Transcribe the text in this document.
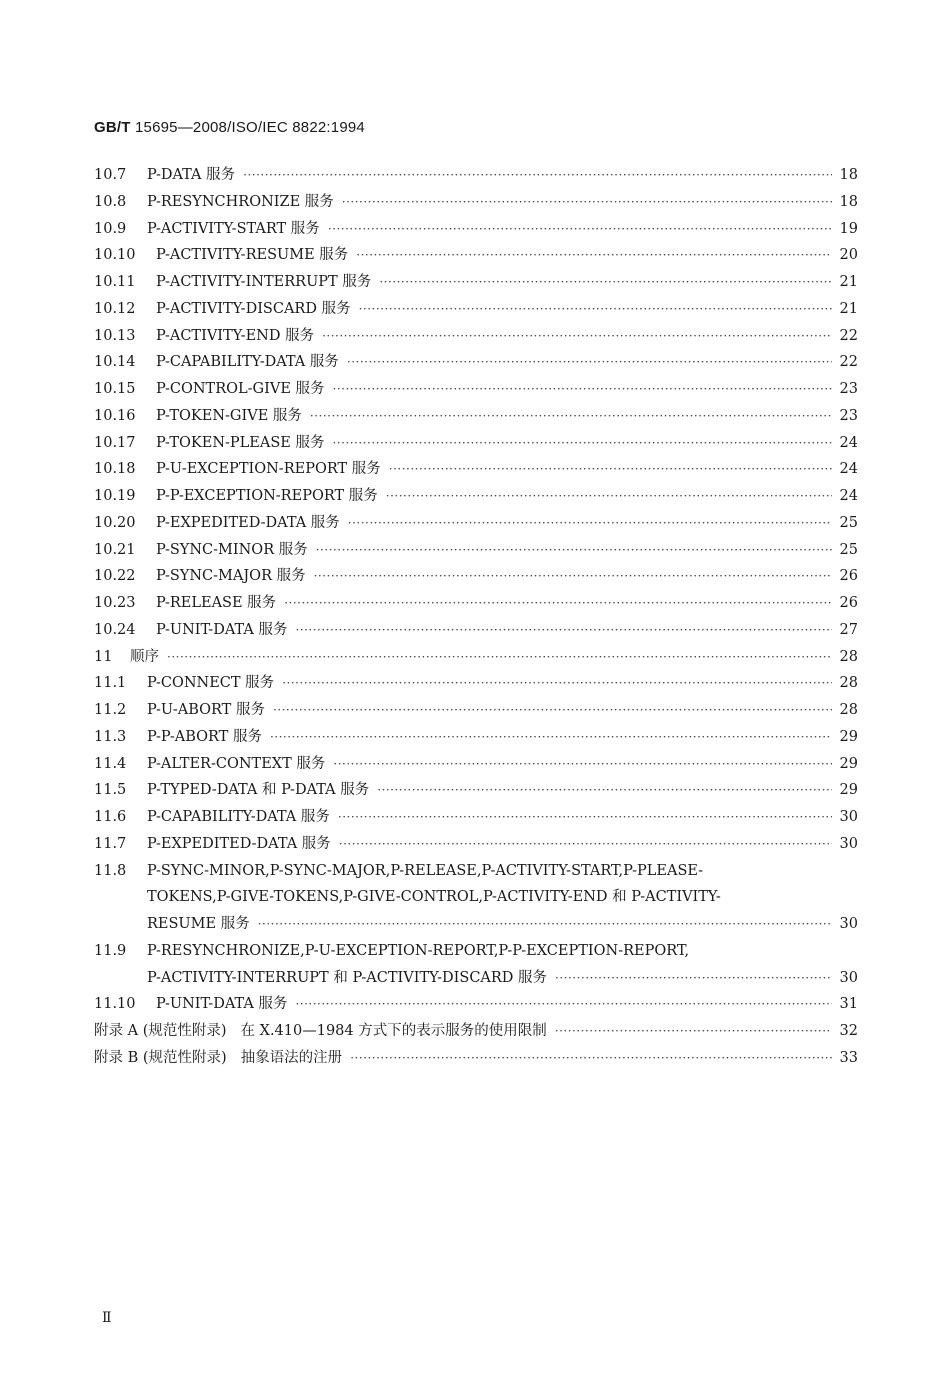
GB/T 15695—2008/ISO/IEC 8822:1994
10.7	P-DATA 服务 ·····	18
10.8	P-RESYNCHRONIZE 服务 ·····	18
10.9	P-ACTIVITY-START 服务 ·····	19
10.10	P-ACTIVITY-RESUME 服务 ·····	20
10.11	P-ACTIVITY-INTERRUPT 服务 ·····	21
10.12	P-ACTIVITY-DISCARD 服务 ·····	21
10.13	P-ACTIVITY-END 服务 ·····	22
10.14	P-CAPABILITY-DATA 服务 ·····	22
10.15	P-CONTROL-GIVE 服务 ·····	23
10.16	P-TOKEN-GIVE 服务 ·····	23
10.17	P-TOKEN-PLEASE 服务 ·····	24
10.18	P-U-EXCEPTION-REPORT 服务 ·····	24
10.19	P-P-EXCEPTION-REPORT 服务 ·····	24
10.20	P-EXPEDITED-DATA 服务 ·····	25
10.21	P-SYNC-MINOR 服务 ·····	25
10.22	P-SYNC-MAJOR 服务 ·····	26
10.23	P-RELEASE 服务 ·····	26
10.24	P-UNIT-DATA 服务 ·····	27
11	顺序 ·····	28
11.1	P-CONNECT 服务 ·····	28
11.2	P-U-ABORT 服务 ·····	28
11.3	P-P-ABORT 服务 ·····	29
11.4	P-ALTER-CONTEXT 服务 ·····	29
11.5	P-TYPED-DATA 和 P-DATA 服务 ·····	29
11.6	P-CAPABILITY-DATA 服务 ·····	30
11.7	P-EXPEDITED-DATA 服务 ·····	30
11.8	P-SYNC-MINOR,P-SYNC-MAJOR,P-RELEASE,P-ACTIVITY-START,P-PLEASE-
TOKENS,P-GIVE-TOKENS,P-GIVE-CONTROL,P-ACTIVITY-END 和 P-ACTIVITY-
RESUME 服务 ·····	30
11.9	P-RESYNCHRONIZE,P-U-EXCEPTION-REPORT,P-P-EXCEPTION-REPORT,
P-ACTIVITY-INTERRUPT 和 P-ACTIVITY-DISCARD 服务 ·····	30
11.10	P-UNIT-DATA 服务 ·····	31
附录 A (规范性附录) 在 X.410—1984 方式下的表示服务的使用限制 ·····	32
附录 B (规范性附录) 抽象语法的注册 ·····	33
Ⅱ
